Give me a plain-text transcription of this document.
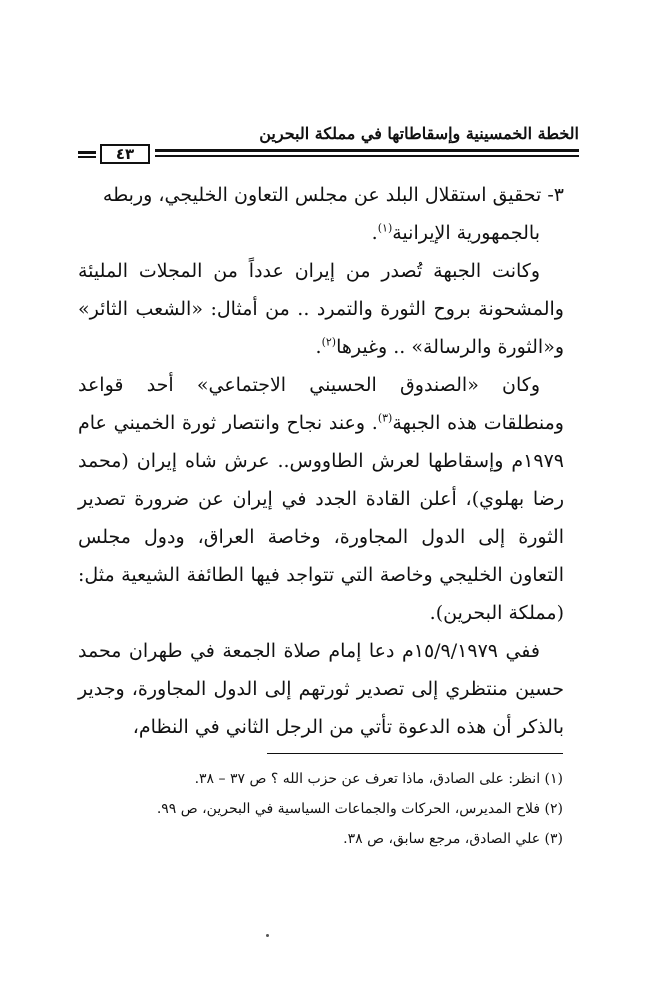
الخطة الخمسينية وإسقاطاتها في مملكة البحرين
٤٣

٣- تحقيق استقلال البلد عن مجلس التعاون الخليجي، وربطه
بالجمهورية الإيرانية$^{(١)}$.

وكانت الجبهة تُصدر من إيران عدداً من المجلات المليئة والمشحونة بروح الثورة والتمرد .. من أمثال: «الشعب الثائر» و«الثورة والرسالة» .. وغيرها$^{(٢)}$.

وكان «الصندوق الحسيني الاجتماعي» أحد قواعد ومنطلقات هذه الجبهة$^{(٣)}$. وعند نجاح وانتصار ثورة الخميني عام ١٩٧٩م وإسقاطها لعرش الطاووس.. عرش شاه إيران (محمد رضا بهلوي)، أعلن القادة الجدد في إيران عن ضرورة تصدير الثورة إلى الدول المجاورة، وخاصة العراق، ودول مجلس التعاون الخليجي وخاصة التي تتواجد فيها الطائفة الشيعية مثل: (مملكة البحرين).

ففي ١٥/٩/١٩٧٩م دعا إمام صلاة الجمعة في طهران محمد حسين منتظري إلى تصدير ثورتهم إلى الدول المجاورة، وجدير بالذكر أن هذه الدعوة تأتي من الرجل الثاني في النظام،

(١) انظر: على الصادق، ماذا تعرف عن حزب الله ؟ ص ٣٧ – ٣٨.
(٢) فلاح المديرس، الحركات والجماعات السياسية في البحرين، ص ٩٩.
(٣) علي الصادق، مرجع سابق، ص ٣٨.
